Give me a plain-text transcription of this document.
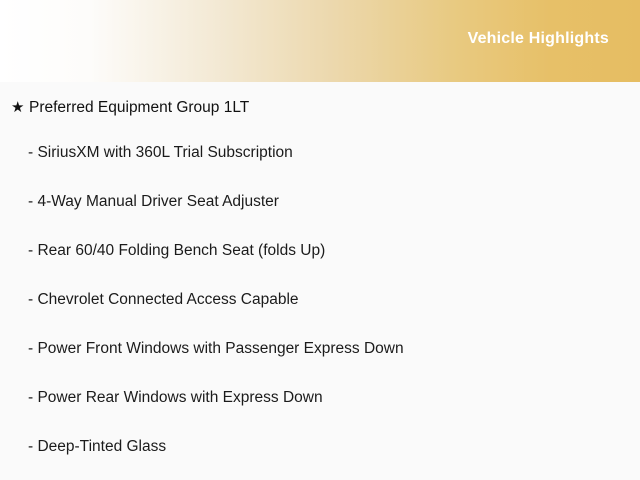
Vehicle Highlights
★ Preferred Equipment Group 1LT
- SiriusXM with 360L Trial Subscription
- 4-Way Manual Driver Seat Adjuster
- Rear 60/40 Folding Bench Seat (folds Up)
- Chevrolet Connected Access Capable
- Power Front Windows with Passenger Express Down
- Power Rear Windows with Express Down
- Deep-Tinted Glass
